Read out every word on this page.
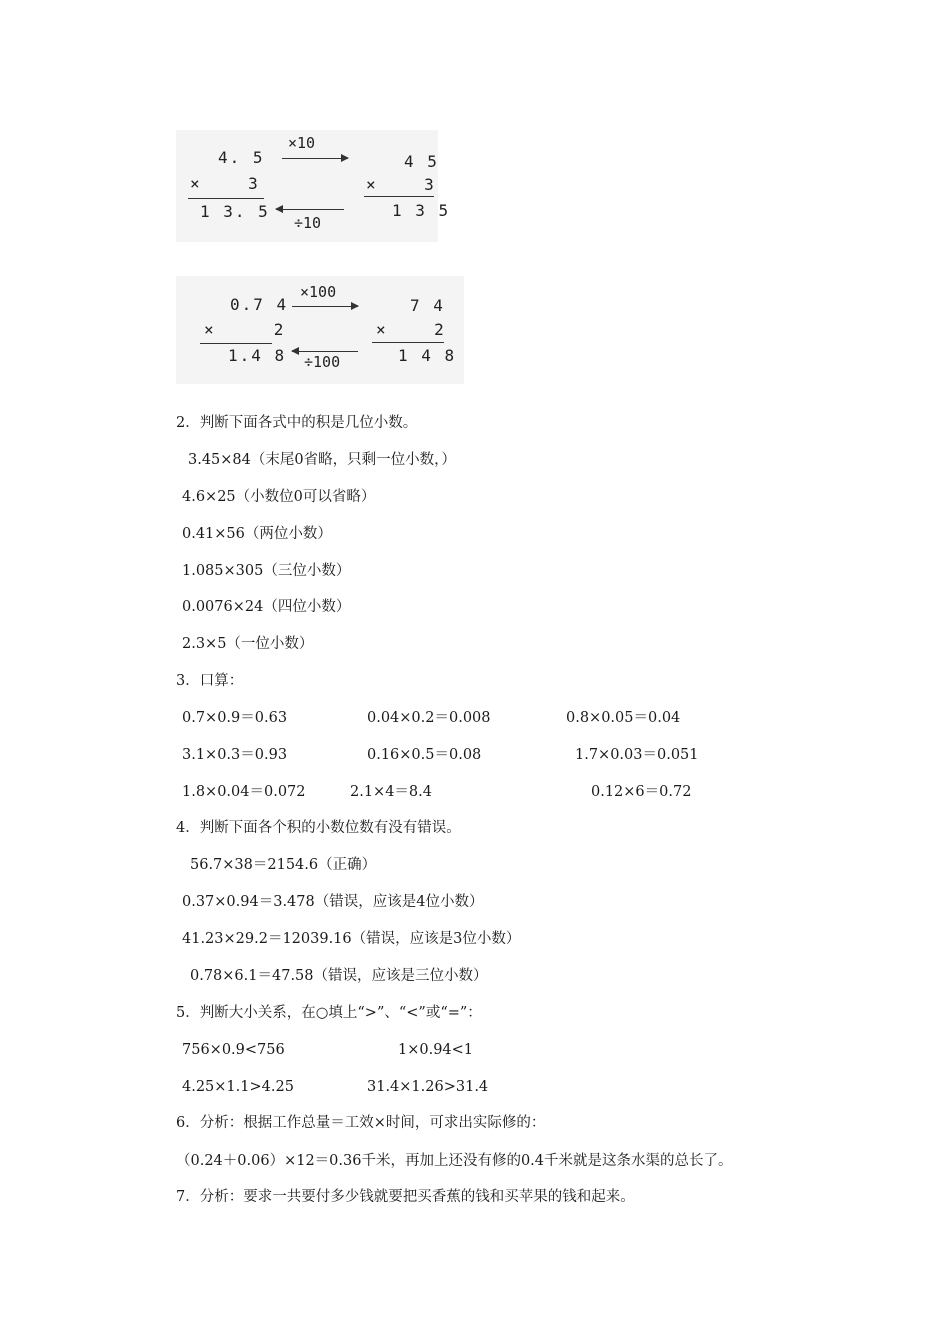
4. 5
×    3
1 3. 5
×10
÷10
4 5
×    3
1 3 5
0.7 4
×     2
1.4 8
×100
÷100
7 4
×    2
1 4 8
2．判断下面各式中的积是几位小数。
3.45×84（末尾0省略，只剩一位小数，）
4.6×25（小数位0可以省略）
0.41×56（两位小数）
1.085×305（三位小数）
0.0076×24（四位小数）
2.3×5（一位小数）
3．口算：
0.7×0.9＝0.63	0.04×0.2＝0.008	0.8×0.05＝0.04
3.1×0.3＝0.93	0.16×0.5＝0.08	1.7×0.03＝0.051
1.8×0.04＝0.072	2.1×4＝8.4	0.12×6＝0.72
4．判断下面各个积的小数位数有没有错误。
56.7×38＝2154.6（正确）
0.37×0.94＝3.478（错误，应该是4位小数）
41.23×29.2＝12039.16（错误，应该是3位小数）
0.78×6.1＝47.58（错误，应该是三位小数）
5．判断大小关系，在○填上“>”、“<”或“=”：
756×0.9<756	1×0.94<1
4.25×1.1>4.25	31.4×1.26>31.4
6．分析：根据工作总量＝工效×时间，可求出实际修的：
（0.24＋0.06）×12＝0.36千米，再加上还没有修的0.4千米就是这条水渠的总长了。
7．分析：要求一共要付多少钱就要把买香蕉的钱和买苹果的钱和起来。
